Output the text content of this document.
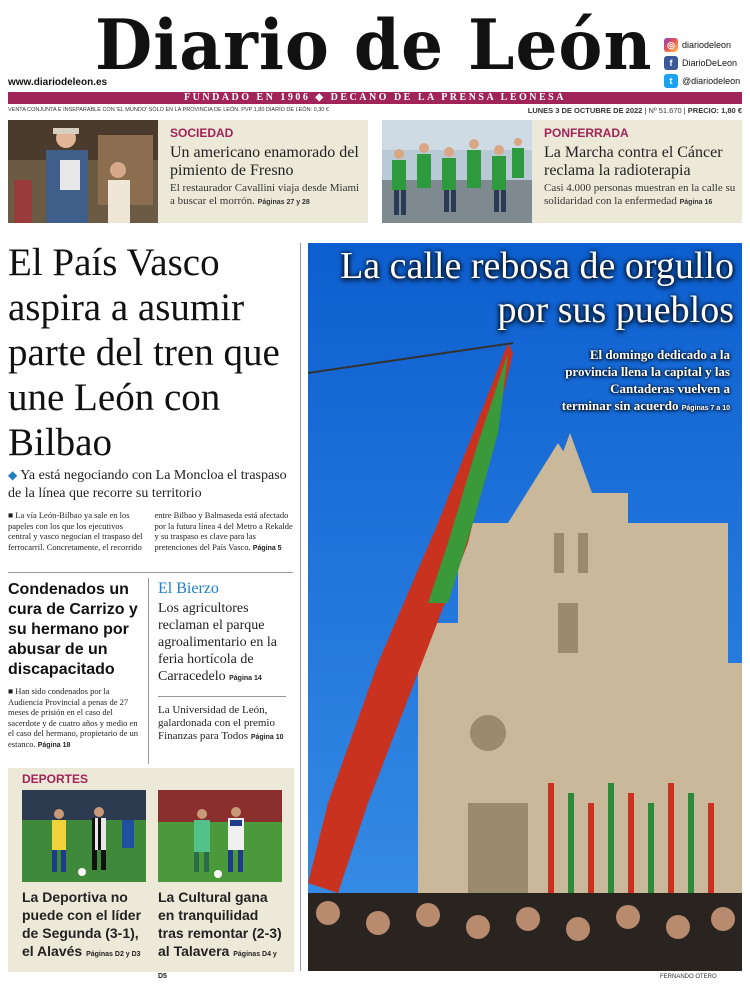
Diario de León
www.diariodeleon.es
◎ diariodeleon
f	DiarioDeLeon
t	@diariodeleon
FUNDADO EN 1906 ◆ DECANO DE LA PRENSA LEONESA
VENTA CONJUNTA E INSEPARABLE CON 'EL MUNDO' SÓLO EN LA PROVINCIA DE LEÓN. PVP 1,80 DIARIO DE LEÓN: 0,30 €	LUNES 3 DE OCTUBRE DE 2022 | Nº 51.670 | PRECIO: 1,80 €
SOCIEDAD
Un americano enamorado del pimiento de Fresno
El restaurador Cavallini viaja desde Miami a buscar el morrón. Páginas 27 y 28
PONFERRADA
La Marcha contra el Cáncer reclama la radioterapia
Casi 4.000 personas muestran en la calle su solidaridad con la enfermedad Página 16
El País Vasco aspira a asumir parte del tren que une León con Bilbao
◆ Ya está negociando con La Moncloa el traspaso de la línea que recorre su territorio
■ La vía León-Bilbao ya sale en los papeles con los que los ejecutivos central y vasco negocian el traspaso del ferrocarril. Concretamente, el recorrido
entre Bilbao y Balmaseda está afectado por la futura línea 4 del Metro a Rekalde y su traspaso es clave para las pretenciones del País Vasco. Página 5
Condenados un cura de Carrizo y su hermano por abusar de un discapacitado
■ Han sido condenados por la Audiencia Provincial a penas de 27 meses de prisión en el caso del sacerdote y de cuatro años y medio en el caso del hermano, propietario de un estanco. Página 18
El Bierzo
Los agricultores reclaman el parque agroalimentario en la feria hortícola de Carracedelo Página 14
La Universidad de León, galardonada con el premio Finanzas para Todos Página 10
DEPORTES
La Deportiva no puede con el líder de Segunda (3-1), el Alavés Páginas D2 y D3
La Cultural gana en tranquilidad tras remontar (2-3) al Talavera Páginas D4 y D5
La calle rebosa de orgullo por sus pueblos
El domingo dedicado a la provincia llena la capital y las Cantaderas vuelven a terminar sin acuerdo Páginas 7 a 10
FERNANDO OTERO
